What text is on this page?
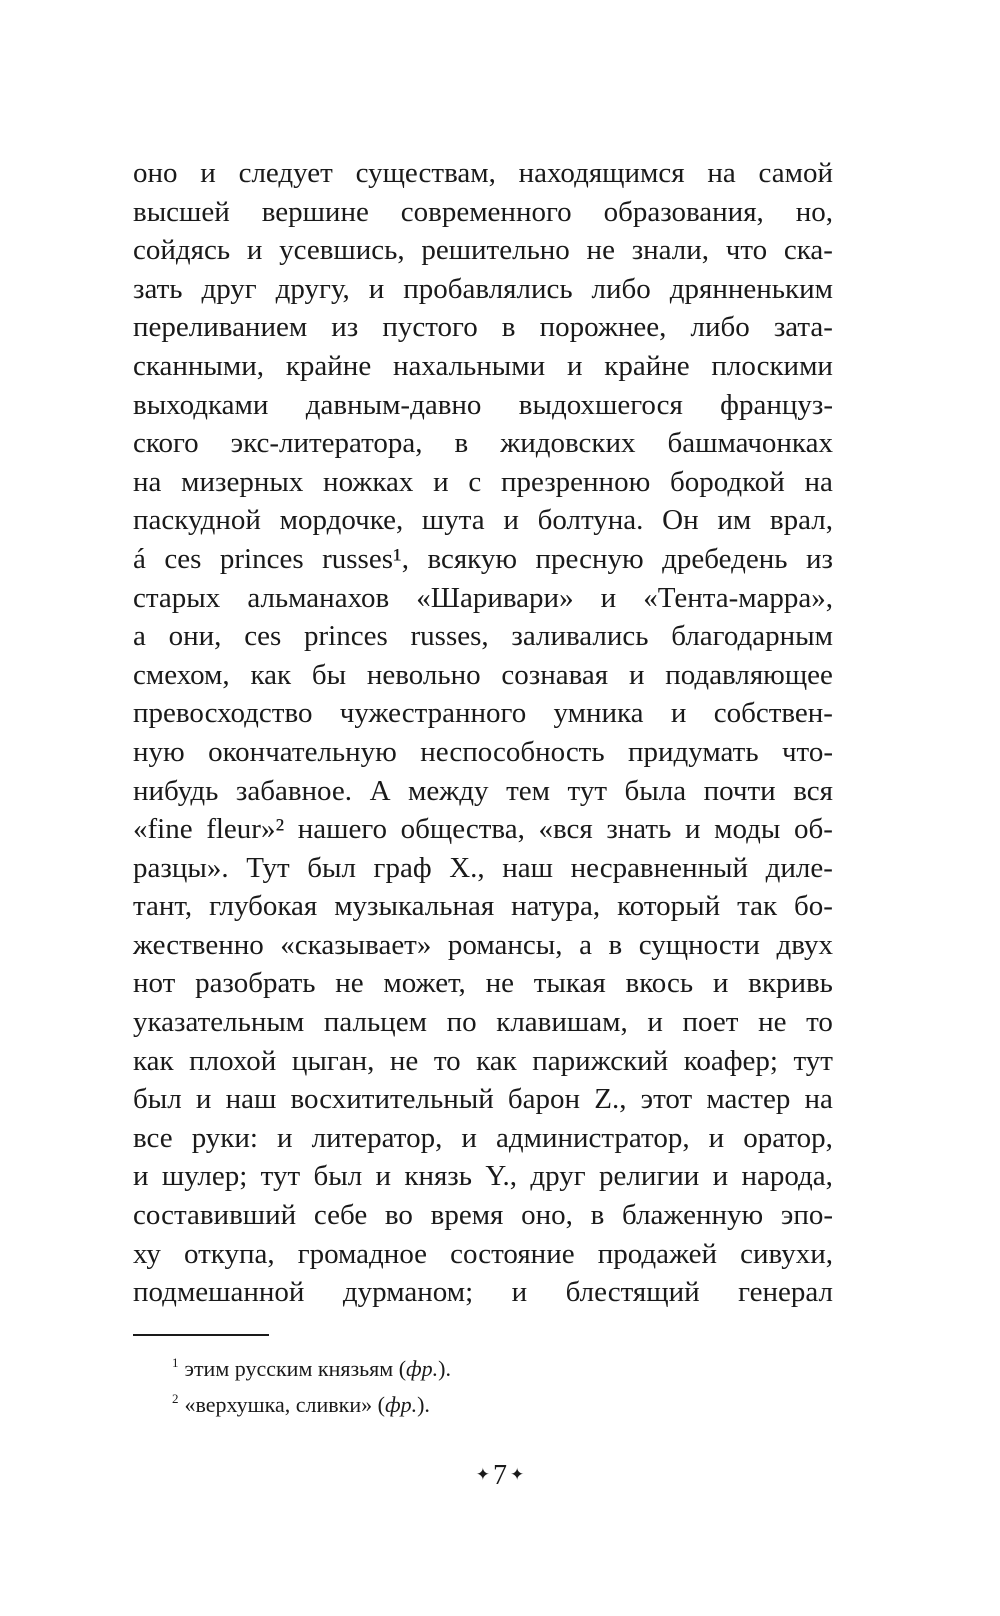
оно и следует существам, находящимся на самой
высшей вершине современного образования, но,
сойдясь и усевшись, решительно не знали, что ска-
зать друг другу, и пробавлялись либо дрянненьким
переливанием из пустого в порожнее, либо зата-
сканными, крайне нахальными и крайне плоскими
выходками давным-давно выдохшегося француз-
ского экс-литератора, в жидовских башмачонках
на мизерных ножках и с презренною бородкой на
паскудной мордочке, шута и болтуна. Он им врал,
á ces princes russes¹, всякую пресную дребедень из
старых альманахов «Шаривари» и «Тента-марра»,
а они, ces princes russes, заливались благодарным
смехом, как бы невольно сознавая и подавляющее
превосходство чужестранного умника и собствен-
ную окончательную неспособность придумать что-
нибудь забавное. А между тем тут была почти вся
«fine fleur»² нашего общества, «вся знать и моды об-
разцы». Тут был граф Х., наш несравненный диле-
тант, глубокая музыкальная натура, который так бо-
жественно «сказывает» романсы, а в сущности двух
нот разобрать не может, не тыкая вкось и вкривь
указательным пальцем по клавишам, и поет не то
как плохой цыган, не то как парижский коафер; тут
был и наш восхитительный барон Z., этот мастер на
все руки: и литератор, и администратор, и оратор,
и шулер; тут был и князь Y., друг религии и народа,
составивший себе во время оно, в блаженную эпо-
ху откупа, громадное состояние продажей сивухи,
подмешанной дурманом; и блестящий генерал
$^1$ этим русским князьям (фр.).
$^2$ «верхушка, сливки» (фр.).
✦ 7 ✦
